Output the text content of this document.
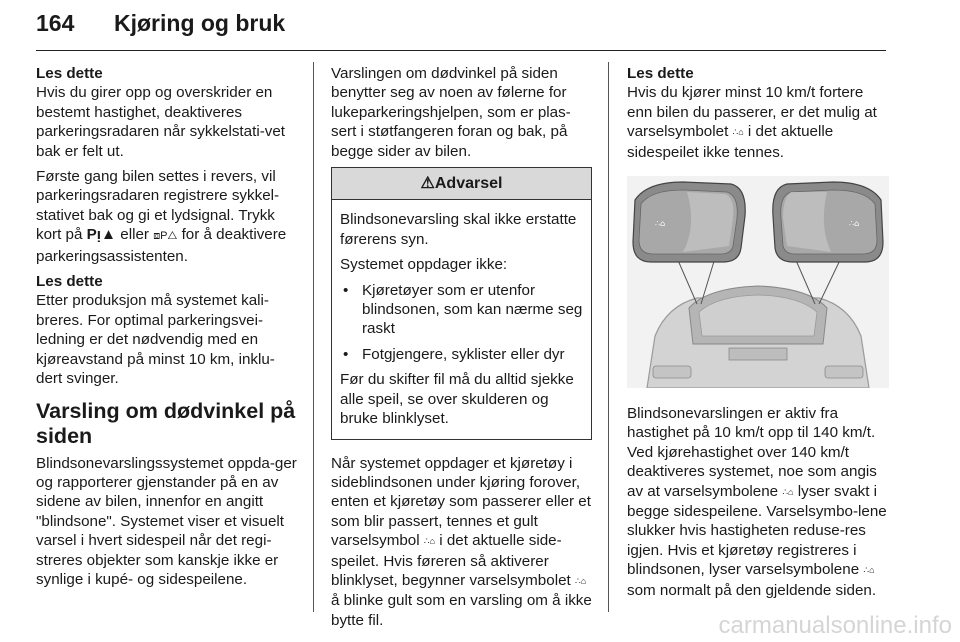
164 Kjøring og bruk
Les dette

Hvis du girer opp og overskrider en bestemt hastighet, deaktiveres parkeringsradaren når sykkelstati-vet bak er felt ut.

Første gang bilen settes i revers, vil parkeringsradaren registrere sykkel-stativet bak og gi et lydsignal. Trykk kort på Pᴉ▲ eller ⧈P△ for å deaktivere parkeringsassistenten.

Les dette

Etter produksjon må systemet kali-breres. For optimal parkeringsvei-ledning er det nødvendig med en kjøreavstand på minst 10 km, inklu-dert svinger.

Varsling om dødvinkel på siden

Blindsonevarslingssystemet oppda-ger og rapporterer gjenstander på en av sidene av bilen, innenfor en angitt "blindsone". Systemet viser et visuelt varsel i hvert sidespeil når det regi-streres objekter som kanskje ikke er synlige i kupé- og sidespeilene.

Varslingen om dødvinkel på siden benytter seg av noen av følerne for lukeparkeringshjelpen, som er plas-sert i støtfangeren foran og bak, på begge sider av bilen.

⚠Advarsel

Blindsonevarsling skal ikke erstatte førerens syn.

Systemet oppdager ikke:

• Kjøretøyer som er utenfor blindsonen, som kan nærme seg raskt
• Fotgjengere, syklister eller dyr

Før du skifter fil må du alltid sjekke alle speil, se over skulderen og bruke blinklyset.

Når systemet oppdager et kjøretøy i sideblindsonen under kjøring forover, enten et kjøretøy som passerer eller et som blir passert, tennes et gult varselsymbol ∴⌂ i det aktuelle side-speilet. Hvis føreren så aktiverer blinklyset, begynner varselsymbolet ∴⌂ å blinke gult som en varsling om å ikke bytte fil.

Les dette

Hvis du kjører minst 10 km/t fortere enn bilen du passerer, er det mulig at varselsymbolet ∴⌂ i det aktuelle sidespeilet ikke tennes.

∴⌂	∴⌂

Blindsonevarslingen er aktiv fra hastighet på 10 km/t opp til 140 km/t. Ved kjørehastighet over 140 km/t deaktiveres systemet, noe som angis av at varselsymbolene ∴⌂ lyser svakt i begge sidespeilene. Varselsymbo-lene slukker hvis hastigheten reduse-res igjen. Hvis et kjøretøy registreres i blindsonen, lyser varselsymbolene ∴⌂ som normalt på den gjeldende siden.

carmanualsonline.info
